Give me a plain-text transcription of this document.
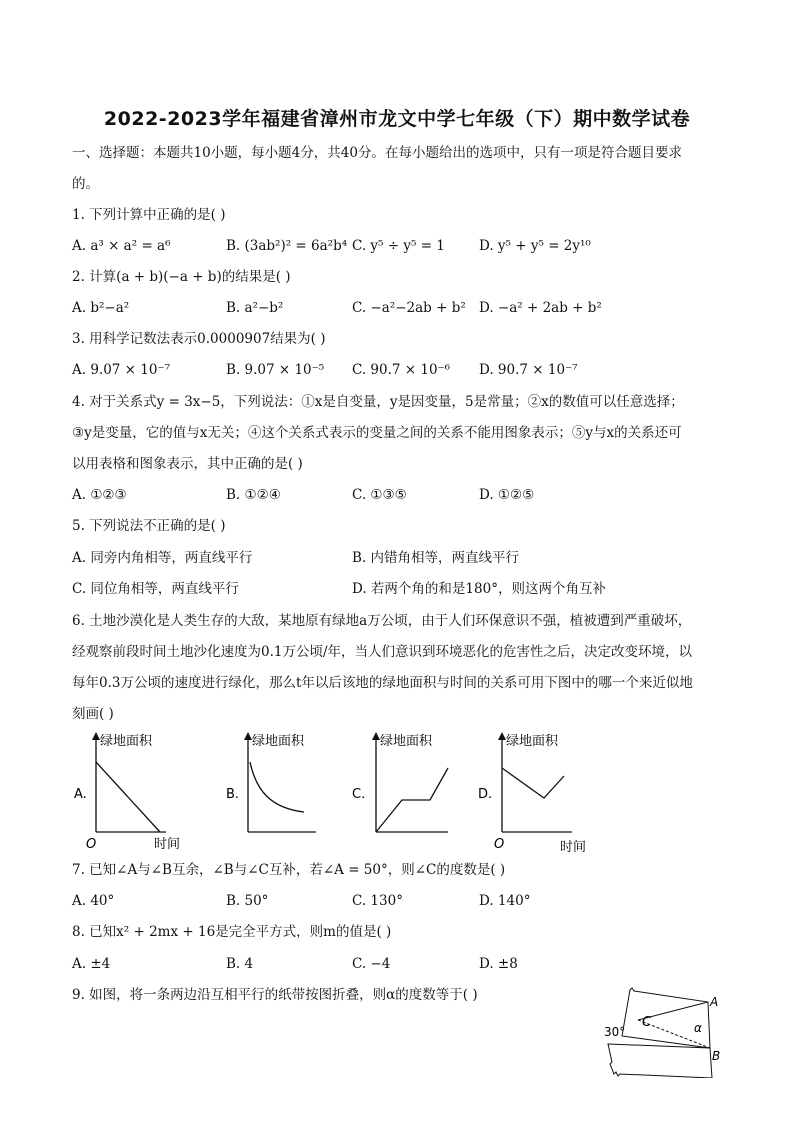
2022-2023学年福建省漳州市龙文中学七年级（下）期中数学试卷
一、选择题：本题共10小题，每小题4分，共40分。在每小题给出的选项中，只有一项是符合题目要求
的。
1. 下列计算中正确的是( )
A. a³ × a² = a⁶	B. (3ab²)² = 6a²b⁴ C. y⁵ ÷ y⁵ = 1	D. y⁵ + y⁵ = 2y¹⁰
2. 计算(a + b)(−a + b)的结果是( )
A. b²−a²	B. a²−b²	C. −a²−2ab + b² D. −a² + 2ab + b²
3. 用科学记数法表示0.0000907结果为( )
A. 9.07 × 10⁻⁷	B. 9.07 × 10⁻⁵ C. 90.7 × 10⁻⁶ D. 90.7 × 10⁻⁷
4. 对于关系式y = 3x−5，下列说法：①x是自变量，y是因变量，5是常量；②x的数值可以任意选择；
③y是变量，它的值与x无关；④这个关系式表示的变量之间的关系不能用图象表示；⑤y与x的关系还可
以用表格和图象表示，其中正确的是( )
A. ①②③	B. ①②④	C. ①③⑤	D. ①②⑤
5. 下列说法不正确的是( )
A. 同旁内角相等，两直线平行	B. 内错角相等，两直线平行
C. 同位角相等，两直线平行	D. 若两个角的和是180°，则这两个角互补
6. 土地沙漠化是人类生存的大敌，某地原有绿地a万公顷，由于人们环保意识不强，植被遭到严重破坏，
经观察前段时间土地沙化速度为0.1万公顷/年，当人们意识到环境恶化的危害性之后，决定改变环境，以
每年0.3万公顷的速度进行绿化，那么t年以后该地的绿地面积与时间的关系可用下图中的哪一个来近似地
刻画( )
A.
绿地面积
O	时间
B.
绿地面积
C.
绿地面积
D.
绿地面积
O	时间
7. 已知∠A与∠B互余，∠B与∠C互补，若∠A = 50°，则∠C的度数是( )
A. 40°	B. 50°	C. 130°	D. 140°
8. 已知x² + 2mx + 16是完全平方式，则m的值是( )
A. ±4	B. 4	C. −4	D. ±8
9. 如图，将一条两边沿互相平行的纸带按图折叠，则α的度数等于( )
30°
C
A
α
B
